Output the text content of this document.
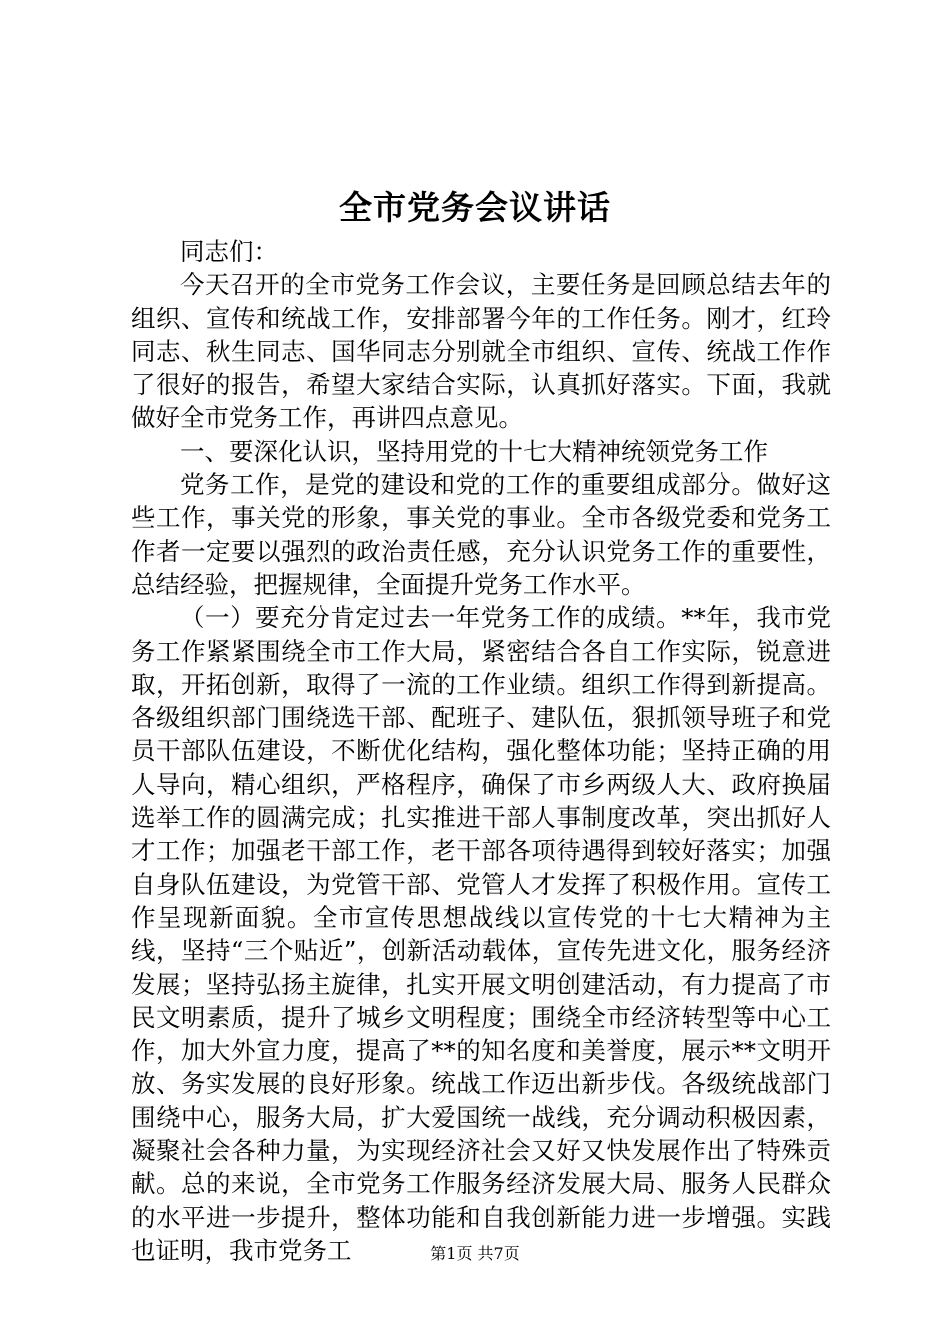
全市党务会议讲话

同志们：

今天召开的全市党务工作会议，主要任务是回顾总结去年的组织、宣传和统战工作，安排部署今年的工作任务。刚才，红玲同志、秋生同志、国华同志分别就全市组织、宣传、统战工作作了很好的报告，希望大家结合实际，认真抓好落实。下面，我就做好全市党务工作，再讲四点意见。

一、要深化认识，坚持用党的十七大精神统领党务工作

党务工作，是党的建设和党的工作的重要组成部分。做好这些工作，事关党的形象，事关党的事业。全市各级党委和党务工作者一定要以强烈的政治责任感，充分认识党务工作的重要性，总结经验，把握规律，全面提升党务工作水平。

（一）要充分肯定过去一年党务工作的成绩。**年，我市党务工作紧紧围绕全市工作大局，紧密结合各自工作实际，锐意进取，开拓创新，取得了一流的工作业绩。组织工作得到新提高。各级组织部门围绕选干部、配班子、建队伍，狠抓领导班子和党员干部队伍建设，不断优化结构，强化整体功能；坚持正确的用人导向，精心组织，严格程序，确保了市乡两级人大、政府换届选举工作的圆满完成；扎实推进干部人事制度改革，突出抓好人才工作；加强老干部工作，老干部各项待遇得到较好落实；加强自身队伍建设，为党管干部、党管人才发挥了积极作用。宣传工作呈现新面貌。全市宣传思想战线以宣传党的十七大精神为主线，坚持“三个贴近”，创新活动载体，宣传先进文化，服务经济发展；坚持弘扬主旋律，扎实开展文明创建活动，有力提高了市民文明素质，提升了城乡文明程度；围绕全市经济转型等中心工作，加大外宣力度，提高了**的知名度和美誉度，展示**文明开放、务实发展的良好形象。统战工作迈出新步伐。各级统战部门围绕中心，服务大局，扩大爱国统一战线，充分调动积极因素，凝聚社会各种力量，为实现经济社会又好又快发展作出了特殊贡献。总的来说，全市党务工作服务经济发展大局、服务人民群众的水平进一步提升，整体功能和自我创新能力进一步增强。实践也证明，我市党务工	第1页 共7页
